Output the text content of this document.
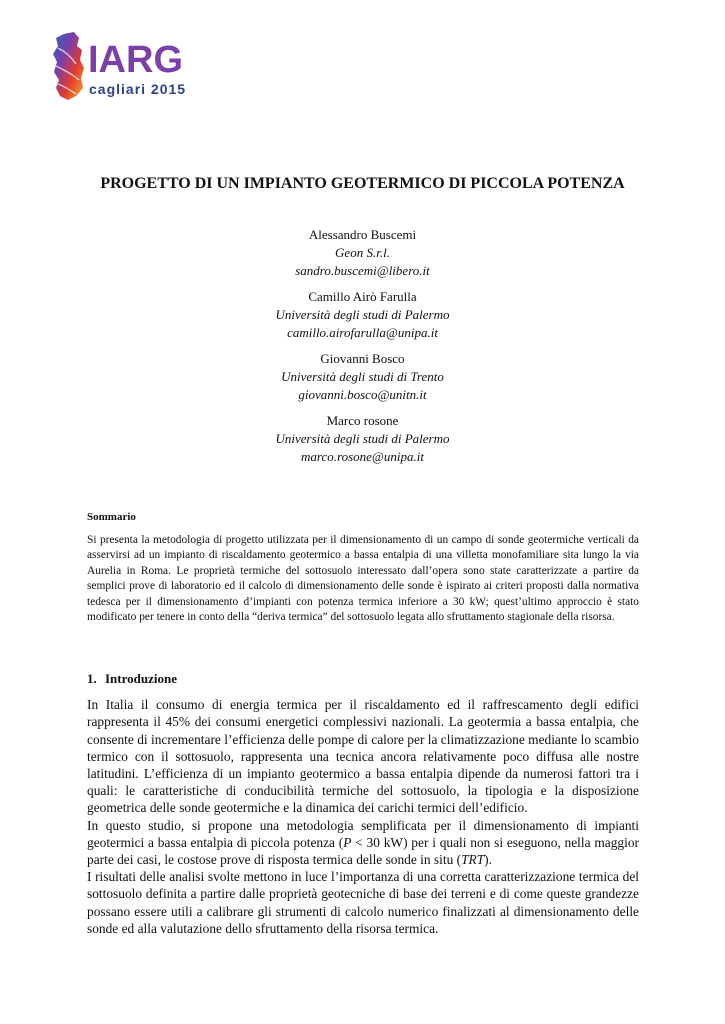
IARG
cagliari 2015
PROGETTO DI UN IMPIANTO GEOTERMICO DI PICCOLA POTENZA
Alessandro Buscemi
Geon S.r.l.
sandro.buscemi@libero.it
Camillo Airò Farulla
Università degli studi di Palermo
camillo.airofarulla@unipa.it
Giovanni Bosco
Università degli studi di Trento
giovanni.bosco@unitn.it
Marco rosone
Università degli studi di Palermo
marco.rosone@unipa.it
Sommario

Si presenta la metodologia di progetto utilizzata per il dimensionamento di un campo di sonde geotermiche verticali da asservirsi ad un impianto di riscaldamento geotermico a bassa entalpia di una villetta monofamiliare sita lungo la via Aurelia in Roma. Le proprietà termiche del sottosuolo interessato dall’opera sono state caratterizzate a partire da semplici prove di laboratorio ed il calcolo di dimensionamento delle sonde è ispirato ai criteri proposti dalla normativa tedesca per il dimensionamento d’impianti con potenza termica inferiore a 30 kW; quest’ultimo approccio è stato modificato per tenere in conto della “deriva termica” del sottosuolo legata allo sfruttamento stagionale della risorsa.

1. Introduzione

In Italia il consumo di energia termica per il riscaldamento ed il raffrescamento degli edifici rappresenta il 45% dei consumi energetici complessivi nazionali. La geotermia a bassa entalpia, che consente di incrementare l’efficienza delle pompe di calore per la climatizzazione mediante lo scambio termico con il sottosuolo, rappresenta una tecnica ancora relativamente poco diffusa alle nostre latitudini. L’efficienza di un impianto geotermico a bassa entalpia dipende da numerosi fattori tra i quali: le caratteristiche di conducibilità termiche del sottosuolo, la tipologia e la disposizione geometrica delle sonde geotermiche e la dinamica dei carichi termici dell’edificio.

In questo studio, si propone una metodologia semplificata per il dimensionamento di impianti geotermici a bassa entalpia di piccola potenza (P < 30 kW) per i quali non si eseguono, nella maggior parte dei casi, le costose prove di risposta termica delle sonde in situ (TRT).

I risultati delle analisi svolte mettono in luce l’importanza di una corretta caratterizzazione termica del sottosuolo definita a partire dalle proprietà geotecniche di base dei terreni e di come queste grandezze possano essere utili a calibrare gli strumenti di calcolo numerico finalizzati al dimensionamento delle sonde ed alla valutazione dello sfruttamento della risorsa termica.
